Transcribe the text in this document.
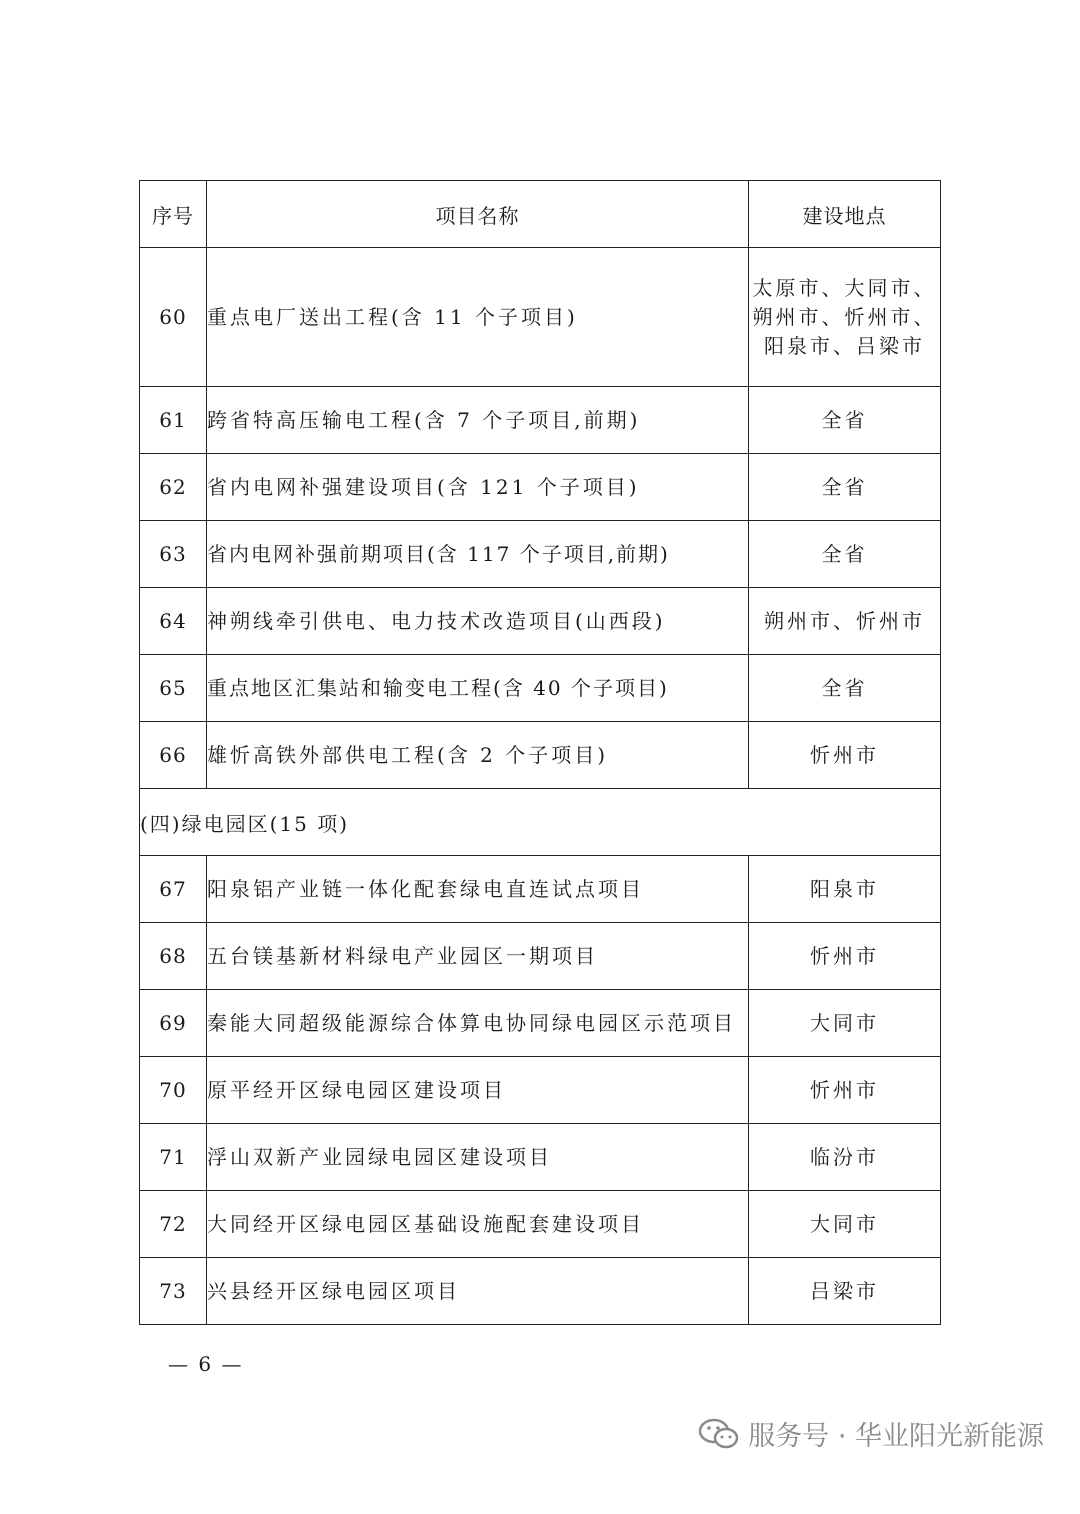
序号	项目名称	建设地点
60	重点电厂送出工程(含 11 个子项目)	太原市、大同市、朔州市、忻州市、阳泉市、吕梁市
61	跨省特高压输电工程(含 7 个子项目,前期)	全省
62	省内电网补强建设项目(含 121 个子项目)	全省
63	省内电网补强前期项目(含 117 个子项目,前期)	全省
64	神朔线牵引供电、电力技术改造项目(山西段)	朔州市、忻州市
65	重点地区汇集站和输变电工程(含 40 个子项目)	全省
66	雄忻高铁外部供电工程(含 2 个子项目)	忻州市
(四)绿电园区(15 项)		
67	阳泉铝产业链一体化配套绿电直连试点项目	阳泉市
68	五台镁基新材料绿电产业园区一期项目	忻州市
69	秦能大同超级能源综合体算电协同绿电园区示范项目	大同市
70	原平经开区绿电园区建设项目	忻州市
71	浮山双新产业园绿电园区建设项目	临汾市
72	大同经开区绿电园区基础设施配套建设项目	大同市
73	兴县经开区绿电园区项目	吕梁市
— 6 —
服务号 · 华业阳光新能源
